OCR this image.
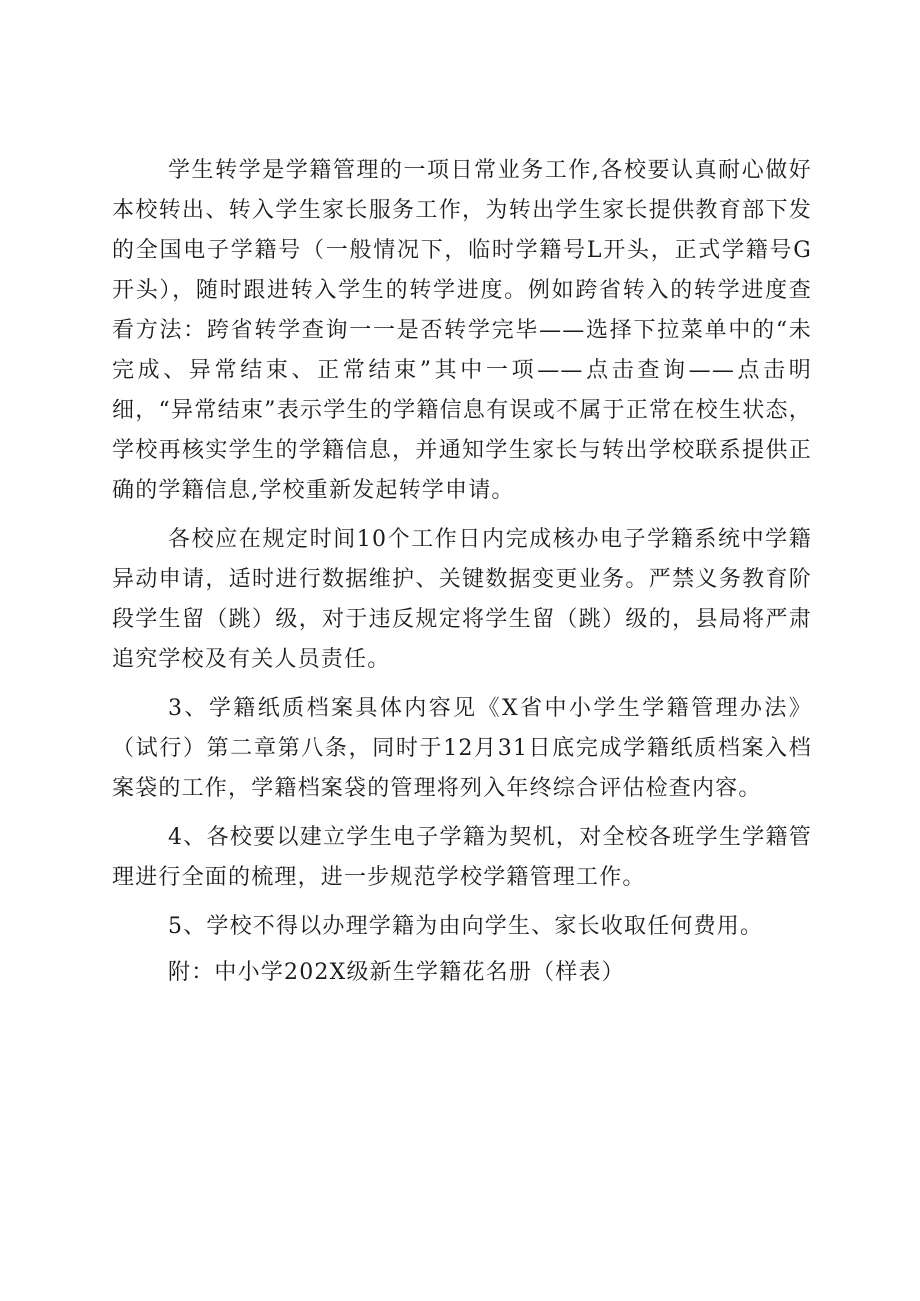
学生转学是学籍管理的一项日常业务工作,各校要认真耐心做好本校转出、转入学生家长服务工作，为转出学生家长提供教育部下发的全国电子学籍号（一般情况下，临时学籍号L开头，正式学籍号G开头），随时跟进转入学生的转学进度。例如跨省转入的转学进度查看方法：跨省转学查询一一是否转学完毕——选择下拉菜单中的“未完成、异常结束、正常结束”其中一项——点击查询——点击明细，“异常结束”表示学生的学籍信息有误或不属于正常在校生状态，学校再核实学生的学籍信息，并通知学生家长与转出学校联系提供正确的学籍信息,学校重新发起转学申请。

各校应在规定时间10个工作日内完成核办电子学籍系统中学籍异动申请，适时进行数据维护、关键数据变更业务。严禁义务教育阶段学生留（跳）级，对于违反规定将学生留（跳）级的，县局将严肃追究学校及有关人员责任。

3、学籍纸质档案具体内容见《X省中小学生学籍管理办法》（试行）第二章第八条，同时于12月31日底完成学籍纸质档案入档案袋的工作，学籍档案袋的管理将列入年终综合评估检查内容。

4、各校要以建立学生电子学籍为契机，对全校各班学生学籍管理进行全面的梳理，进一步规范学校学籍管理工作。

5、学校不得以办理学籍为由向学生、家长收取任何费用。

附：中小学202X级新生学籍花名册（样表）
